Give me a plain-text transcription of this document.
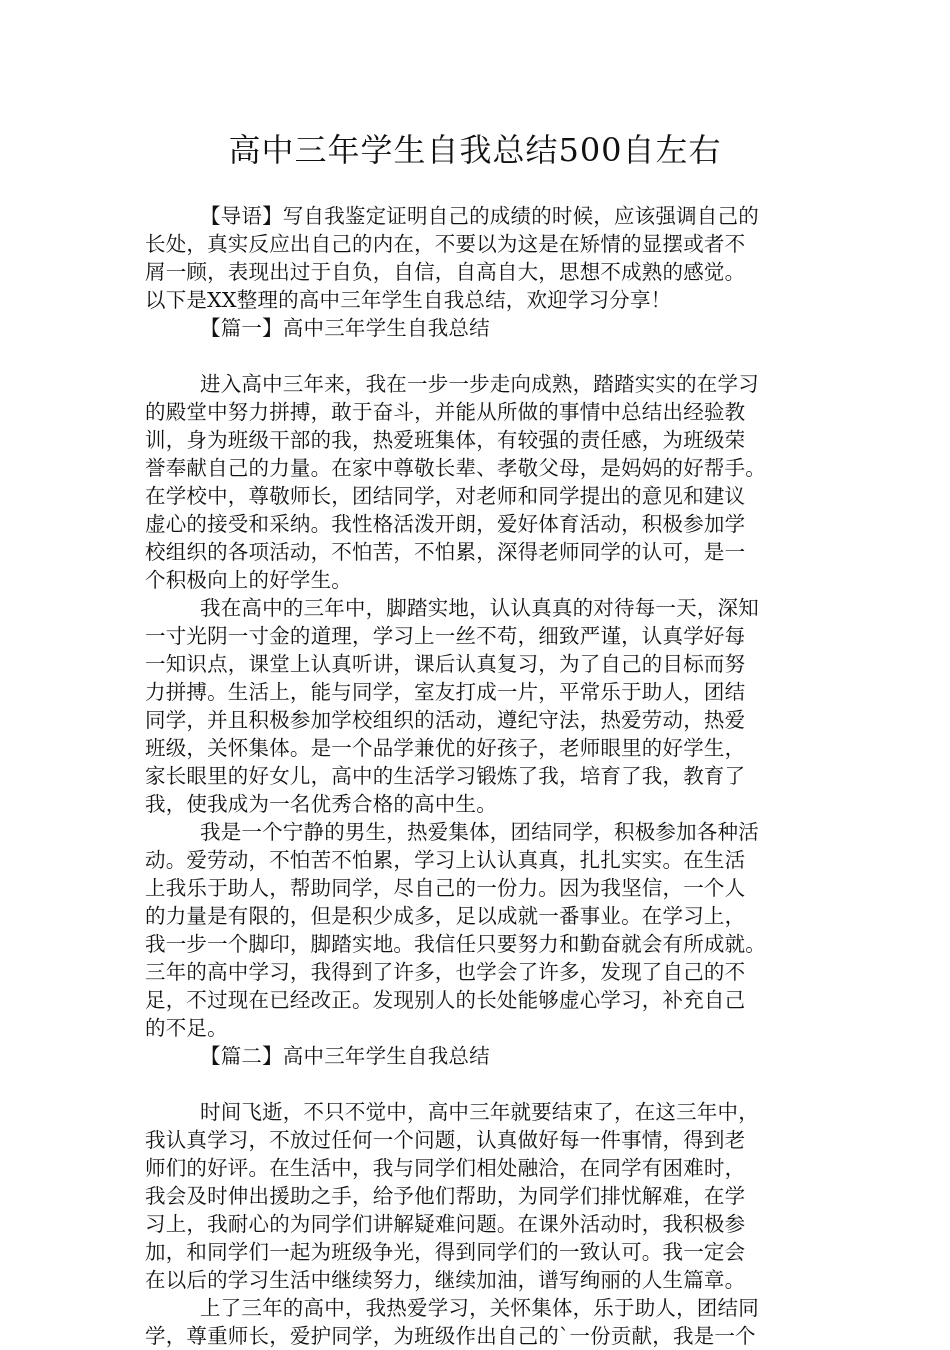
高中三年学生自我总结500自左右
【导语】写自我鉴定证明自己的成绩的时候，应该强调自己的
长处，真实反应出自己的内在，不要以为这是在矫情的显摆或者不
屑一顾，表现出过于自负，自信，自高自大，思想不成熟的感觉。
以下是XX整理的高中三年学生自我总结，欢迎学习分享！
【篇一】高中三年学生自我总结
进入高中三年来，我在一步一步走向成熟，踏踏实实的在学习
的殿堂中努力拼搏，敢于奋斗，并能从所做的事情中总结出经验教
训，身为班级干部的我，热爱班集体，有较强的责任感，为班级荣
誉奉献自己的力量。在家中尊敬长辈、孝敬父母，是妈妈的好帮手。
在学校中，尊敬师长，团结同学，对老师和同学提出的意见和建议
虚心的接受和采纳。我性格活泼开朗，爱好体育活动，积极参加学
校组织的各项活动，不怕苦，不怕累，深得老师同学的认可，是一
个积极向上的好学生。
我在高中的三年中，脚踏实地，认认真真的对待每一天，深知
一寸光阴一寸金的道理，学习上一丝不苟，细致严谨，认真学好每
一知识点，课堂上认真听讲，课后认真复习，为了自己的目标而努
力拼搏。生活上，能与同学，室友打成一片，平常乐于助人，团结
同学，并且积极参加学校组织的活动，遵纪守法，热爱劳动，热爱
班级，关怀集体。是一个品学兼优的好孩子，老师眼里的好学生，
家长眼里的好女儿，高中的生活学习锻炼了我，培育了我，教育了
我，使我成为一名优秀合格的高中生。
我是一个宁静的男生，热爱集体，团结同学，积极参加各种活
动。爱劳动，不怕苦不怕累，学习上认认真真，扎扎实实。在生活
上我乐于助人，帮助同学，尽自己的一份力。因为我坚信，一个人
的力量是有限的，但是积少成多，足以成就一番事业。在学习上，
我一步一个脚印，脚踏实地。我信任只要努力和勤奋就会有所成就。
三年的高中学习，我得到了许多，也学会了许多，发现了自己的不
足，不过现在已经改正。发现别人的长处能够虚心学习，补充自己
的不足。
【篇二】高中三年学生自我总结
时间飞逝，不只不觉中，高中三年就要结束了，在这三年中，
我认真学习，不放过任何一个问题，认真做好每一件事情，得到老
师们的好评。在生活中，我与同学们相处融洽，在同学有困难时，
我会及时伸出援助之手，给予他们帮助，为同学们排忧解难，在学
习上，我耐心的为同学们讲解疑难问题。在课外活动时，我积极参
加，和同学们一起为班级争光，得到同学们的一致认可。我一定会
在以后的学习生活中继续努力，继续加油，谱写绚丽的人生篇章。
上了三年的高中，我热爱学习，关怀集体，乐于助人，团结同
学，尊重师长，爱护同学，为班级作出自己的`一份贡献，我是一个
